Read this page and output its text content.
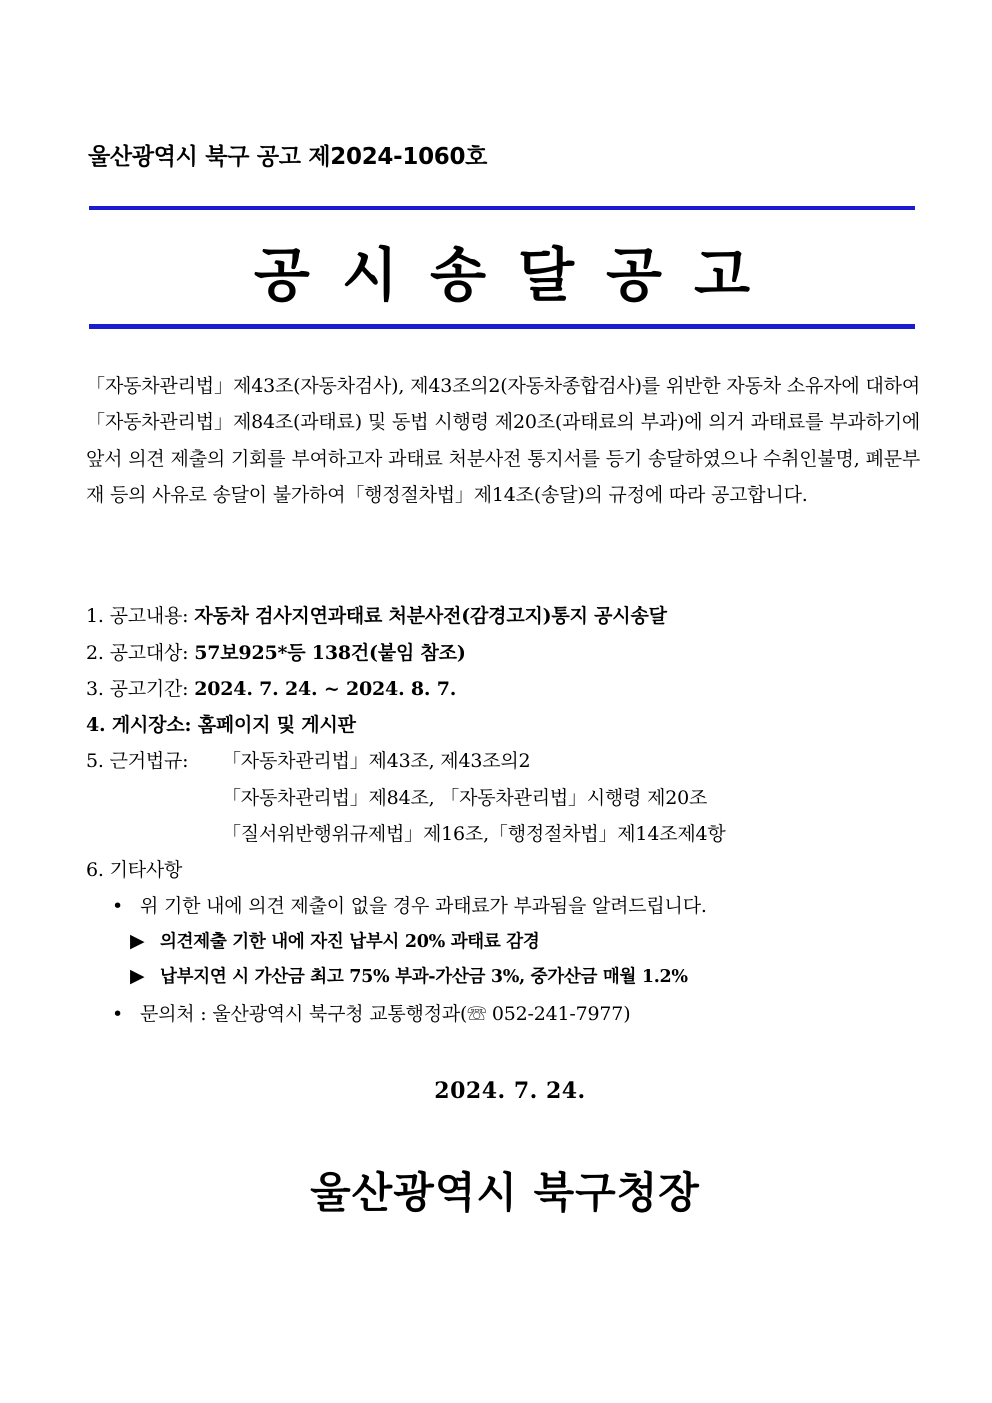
울산광역시 북구 공고 제2024-1060호
공시송달공고
「자동차관리법」제43조(자동차검사), 제43조의2(자동차종합검사)를 위반한 자동차 소유자에 대하여 「자동차관리법」제84조(과태료) 및 동법 시행령 제20조(과태료의 부과)에 의거 과태료를 부과하기에 앞서 의견 제출의 기회를 부여하고자 과태료 처분사전 통지서를 등기 송달하였으나 수취인불명, 폐문부재 등의 사유로 송달이 불가하여「행정절차법」제14조(송달)의 규정에 따라 공고합니다.
1. 공고내용: 자동차 검사지연과태료 처분사전(감경고지)통지 공시송달
2. 공고대상: 57보925*등 138건(붙임 참조)
3. 공고기간: 2024. 7. 24. ~ 2024. 8. 7.
4. 게시장소: 홈페이지 및 게시판
5. 근거법규: 「자동차관리법」제43조, 제43조의2
「자동차관리법」제84조, 「자동차관리법」시행령 제20조
「질서위반행위규제법」제16조,「행정절차법」제14조제4항
6. 기타사항
• 위 기한 내에 의견 제출이 없을 경우 과태료가 부과됨을 알려드립니다.
▶ 의견제출 기한 내에 자진 납부시 20% 과태료 감경
▶ 납부지연 시 가산금 최고 75% 부과-가산금 3%, 중가산금 매월 1.2%
• 문의처 : 울산광역시 북구청 교통행정과(☏ 052-241-7977)
2024. 7. 24.
울산광역시 북구청장
